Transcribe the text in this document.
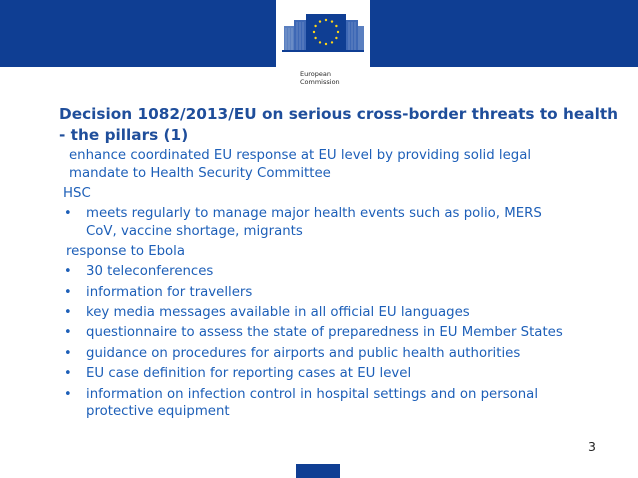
European
Commission
Decision 1082/2013/EU on serious cross-border threats to health - the pillars (1)
enhance coordinated EU response at EU level by providing solid legal
mandate to Health Security Committee
HSC
• meets regularly to manage major health events such as polio, MERS
CoV, vaccine shortage, migrants
response to Ebola
• 30 teleconferences
• information for travellers
• key media messages available in all official EU languages
• questionnaire to assess the state of preparedness in EU Member States
• guidance on procedures for airports and public health authorities
• EU case definition for reporting cases at EU level
• information on infection control in hospital settings and on personal
protective equipment
3
